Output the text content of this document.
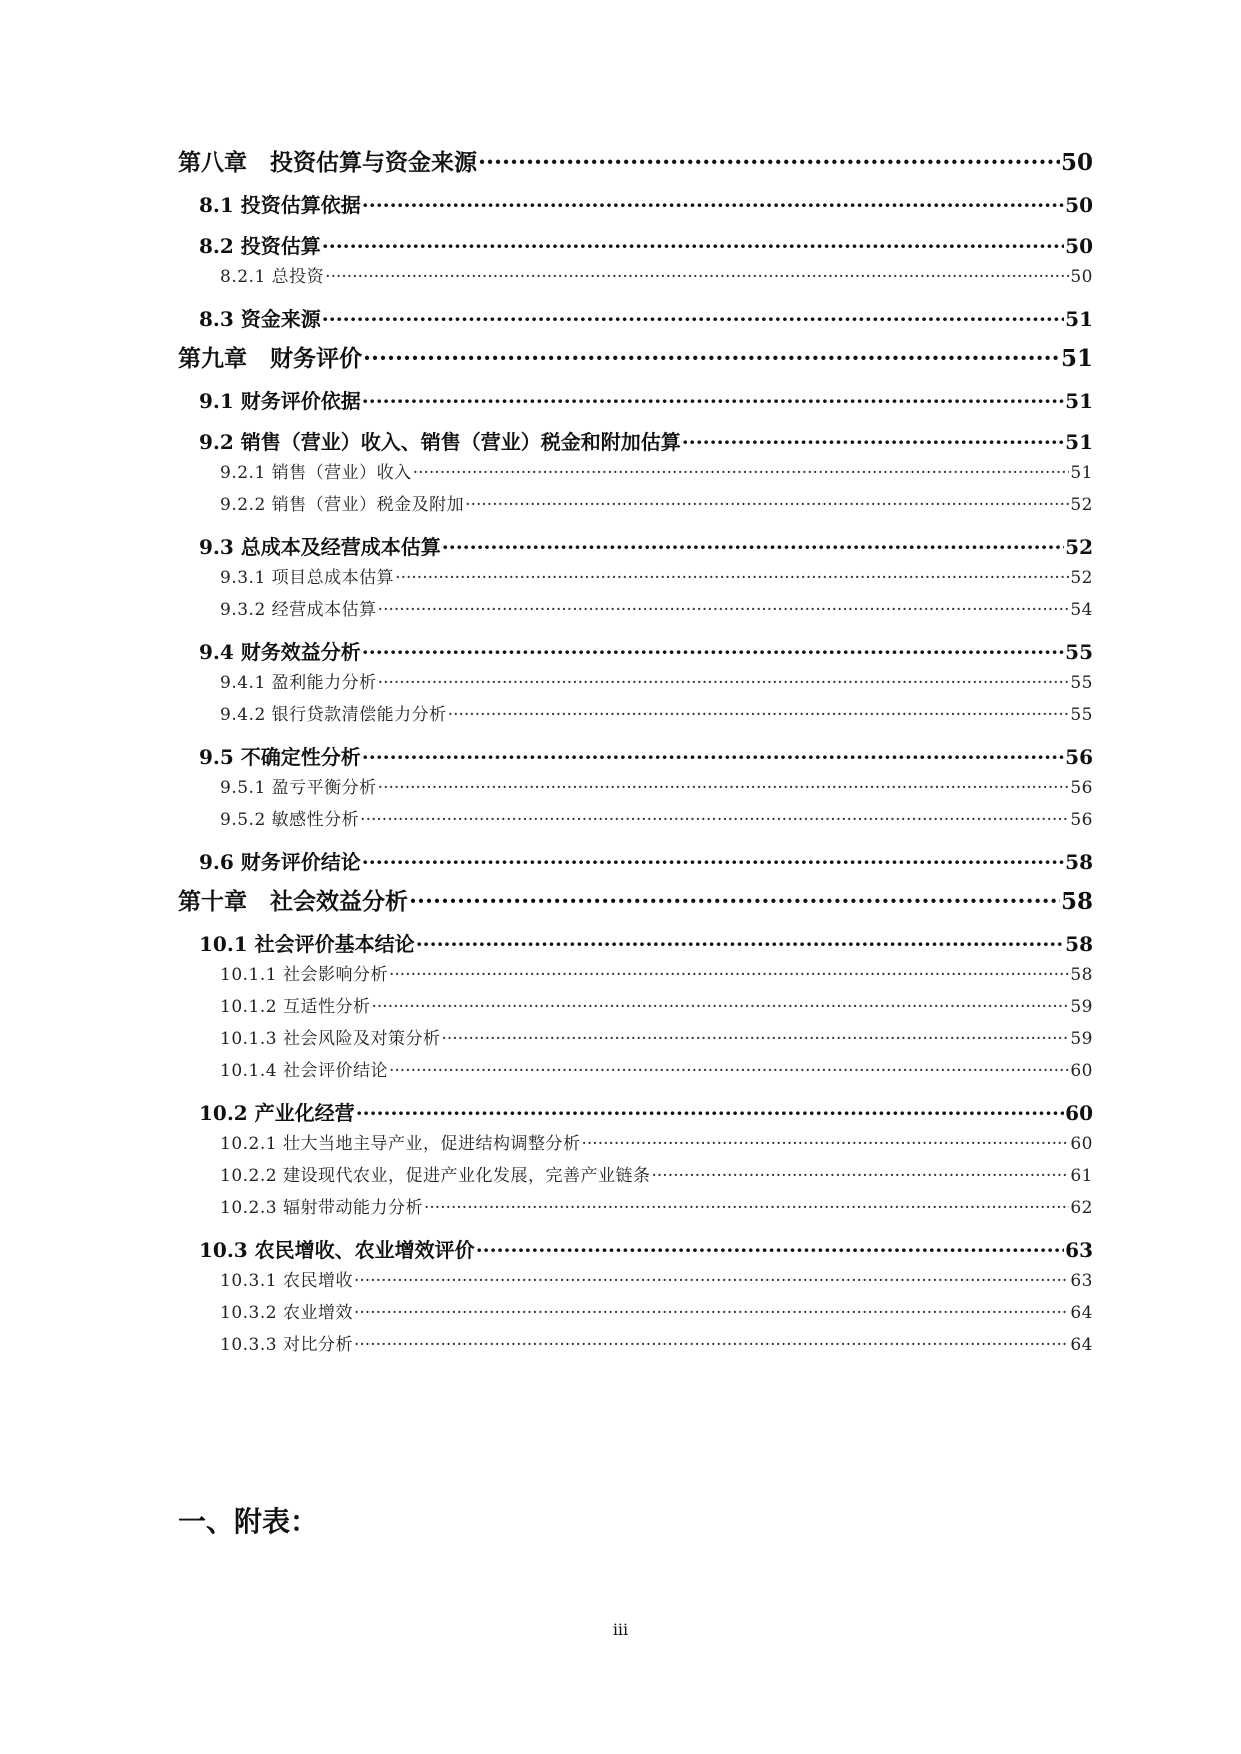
第八章　投资估算与资金来源 ·····	50
8.1 投资估算依据 ·····	50
8.2 投资估算 ·····	50
8.2.1 总投资 ·····	50
8.3 资金来源 ·····	51
第九章　财务评价 ·····	51
9.1 财务评价依据 ·····	51
9.2 销售（营业）收入、销售（营业）税金和附加估算 ·····	51
9.2.1 销售（营业）收入 ·····	51
9.2.2 销售（营业）税金及附加 ·····	52
9.3 总成本及经营成本估算 ·····	52
9.3.1 项目总成本估算 ·····	52
9.3.2 经营成本估算 ·····	54
9.4 财务效益分析 ·····	55
9.4.1 盈利能力分析 ·····	55
9.4.2 银行贷款清偿能力分析 ·····	55
9.5 不确定性分析 ·····	56
9.5.1 盈亏平衡分析 ·····	56
9.5.2 敏感性分析 ·····	56
9.6 财务评价结论 ·····	58
第十章　社会效益分析 ·····	58
10.1 社会评价基本结论 ·····	58
10.1.1 社会影响分析 ·····	58
10.1.2 互适性分析 ·····	59
10.1.3 社会风险及对策分析 ·····	59
10.1.4 社会评价结论 ·····	60
10.2 产业化经营 ·····	60
10.2.1 壮大当地主导产业，促进结构调整分析 ·····	60
10.2.2 建设现代农业，促进产业化发展，完善产业链条 ·····	61
10.2.3 辐射带动能力分析 ·····	62
10.3 农民增收、农业增效评价 ·····	63
10.3.1 农民增收 ·····	63
10.3.2 农业增效 ·····	64
10.3.3 对比分析 ·····	64
一、附表：
iii
